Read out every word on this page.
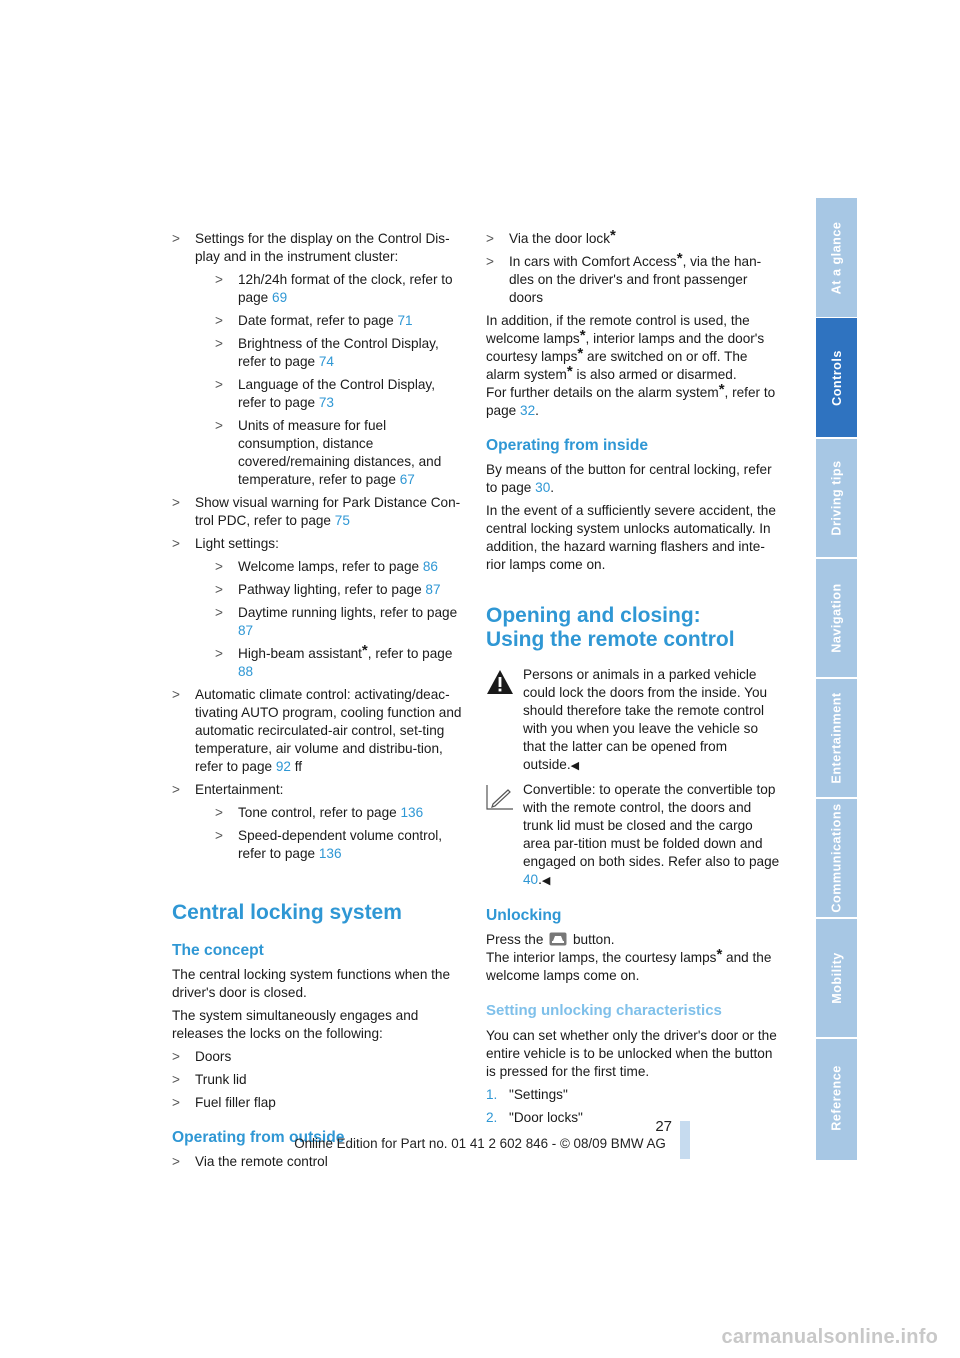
> Settings for the display on the Control Dis-play and in the instrument cluster:
> 12h/24h format of the clock, refer to page 69
> Date format, refer to page 71
> Brightness of the Control Display, refer to page 74
> Language of the Control Display, refer to page 73
> Units of measure for fuel consumption, distance covered/remaining distances, and temperature, refer to page 67
> Show visual warning for Park Distance Con-trol PDC, refer to page 75
> Light settings:
> Welcome lamps, refer to page 86
> Pathway lighting, refer to page 87
> Daytime running lights, refer to page 87
> High-beam assistant*, refer to page 88
> Automatic climate control: activating/deac-tivating AUTO program, cooling function and automatic recirculated-air control, set-ting temperature, air volume and distribu-tion, refer to page 92 ff
> Entertainment:
> Tone control, refer to page 136
> Speed-dependent volume control, refer to page 136
Central locking system
The concept

The central locking system functions when the driver's door is closed.

The system simultaneously engages and releases the locks on the following:

> Doors
> Trunk lid
> Fuel filler flap
Operating from outside
> Via the remote control
> Via the door lock*
> In cars with Comfort Access*, via the han-dles on the driver's and front passenger doors

In addition, if the remote control is used, the welcome lamps*, interior lamps and the door's courtesy lamps* are switched on or off. The alarm system* is also armed or disarmed.

For further details on the alarm system*, refer to page 32.

Operating from inside

By means of the button for central locking, refer to page 30.

In the event of a sufficiently severe accident, the central locking system unlocks automatically. In addition, the hazard warning flashers and inte-rior lamps come on.

Opening and closing:
Using the remote control
Persons or animals in a parked vehicle could lock the doors from the inside. You should therefore take the remote control with you when you leave the vehicle so that the latter can be opened from outside.◀
Convertible: to operate the convertible top with the remote control, the doors and trunk lid must be closed and the cargo area par-tition must be folded down and engaged on both sides. Refer also to page 40.◀
Unlocking

Press the  button.

The interior lamps, the courtesy lamps* and the welcome lamps come on.

Setting unlocking characteristics

You can set whether only the driver's door or the entire vehicle is to be unlocked when the button is pressed for the first time.

1. "Settings"
2. "Door locks"
At a glance
Controls
Driving tips
Navigation
Entertainment
Communications
Mobility
Reference
27
Online Edition for Part no. 01 41 2 602 846 - © 08/09 BMW AG
carmanualsonline.info
